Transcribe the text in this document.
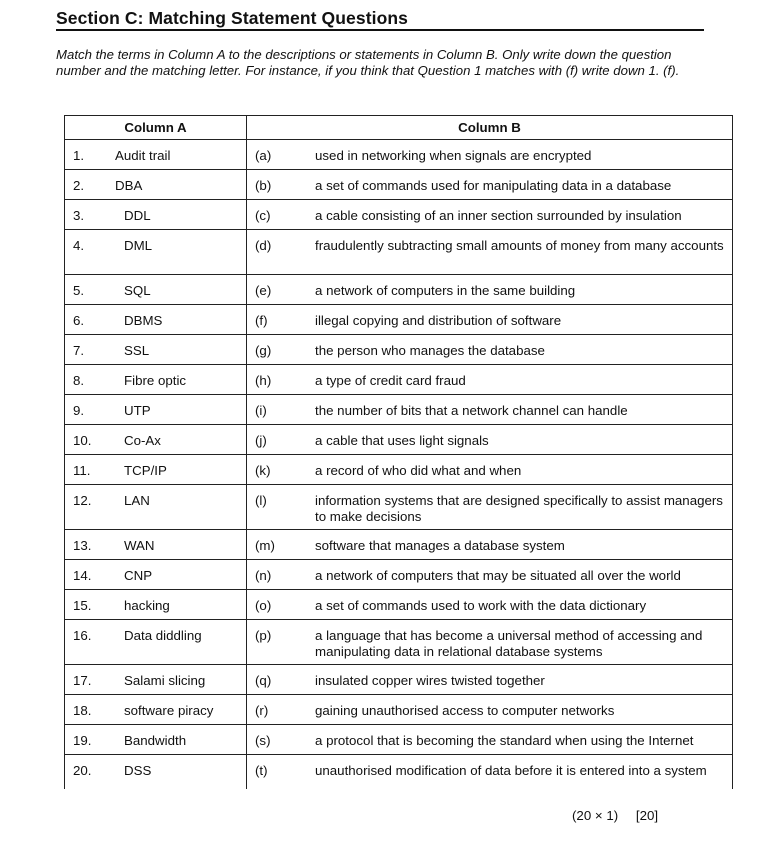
Section C: Matching Statement Questions
Match the terms in Column A to the descriptions or statements in Column B. Only write down the question number and the matching letter. For instance, if you think that Question 1 matches with (f) write down 1. (f).
Column A	Column B

1. Audit trail	(a) used in networking when signals are encrypted

2. DBA	(b) a set of commands used for manipulating data in a database

3. DDL	(c) a cable consisting of an inner section surrounded by insulation

4. DML	(d) fraudulently subtracting small amounts of money from many accounts

5. SQL	(e) a network of computers in the same building

6. DBMS	(f) illegal copying and distribution of software

7. SSL	(g) the person who manages the database

8. Fibre optic	(h) a type of credit card fraud

9. UTP	(i) the number of bits that a network channel can handle

10. Co-Ax	(j) a cable that uses light signals

11. TCP/IP	(k) a record of who did what and when

12. LAN	(l) information systems that are designed specifically to assist managers to make decisions

13. WAN	(m) software that manages a database system

14. CNP	(n) a network of computers that may be situated all over the world

15. hacking	(o) a set of commands used to work with the data dictionary

16. Data diddling	(p) a language that has become a universal method of accessing and manipulating data in relational database systems

17. Salami slicing	(q) insulated copper wires twisted together

18. software piracy	(r) gaining unauthorised access to computer networks

19. Bandwidth	(s) a protocol that is becoming the standard when using the Internet

20. DSS	(t) unauthorised modification of data before it is entered into a system
(20 × 1) [20]
